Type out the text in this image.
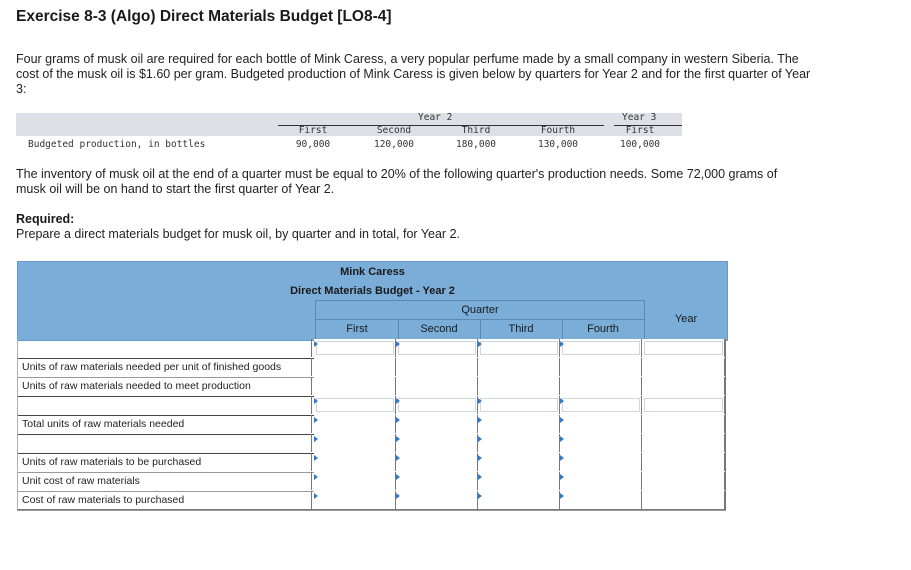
Exercise 8-3 (Algo) Direct Materials Budget [LO8-4]
Four grams of musk oil are required for each bottle of Mink Caress, a very popular perfume made by a small company in western Siberia. The cost of the musk oil is $1.60 per gram. Budgeted production of Mink Caress is given below by quarters for Year 2 and for the first quarter of Year 3:
Year 2	Year 3
First	Second	Third	Fourth	First
Budgeted production, in bottles	90,000	120,000	180,000	130,000	100,000
The inventory of musk oil at the end of a quarter must be equal to 20% of the following quarter's production needs. Some 72,000 grams of musk oil will be on hand to start the first quarter of Year 2.
Required:
Prepare a direct materials budget for musk oil, by quarter and in total, for Year 2.
Mink Caress
Direct Materials Budget - Year 2
Quarter
First	Second	Third	Fourth
Year
Units of raw materials needed per unit of finished goods
Units of raw materials needed to meet production
Total units of raw materials needed
Units of raw materials to be purchased
Unit cost of raw materials
Cost of raw materials to purchased
